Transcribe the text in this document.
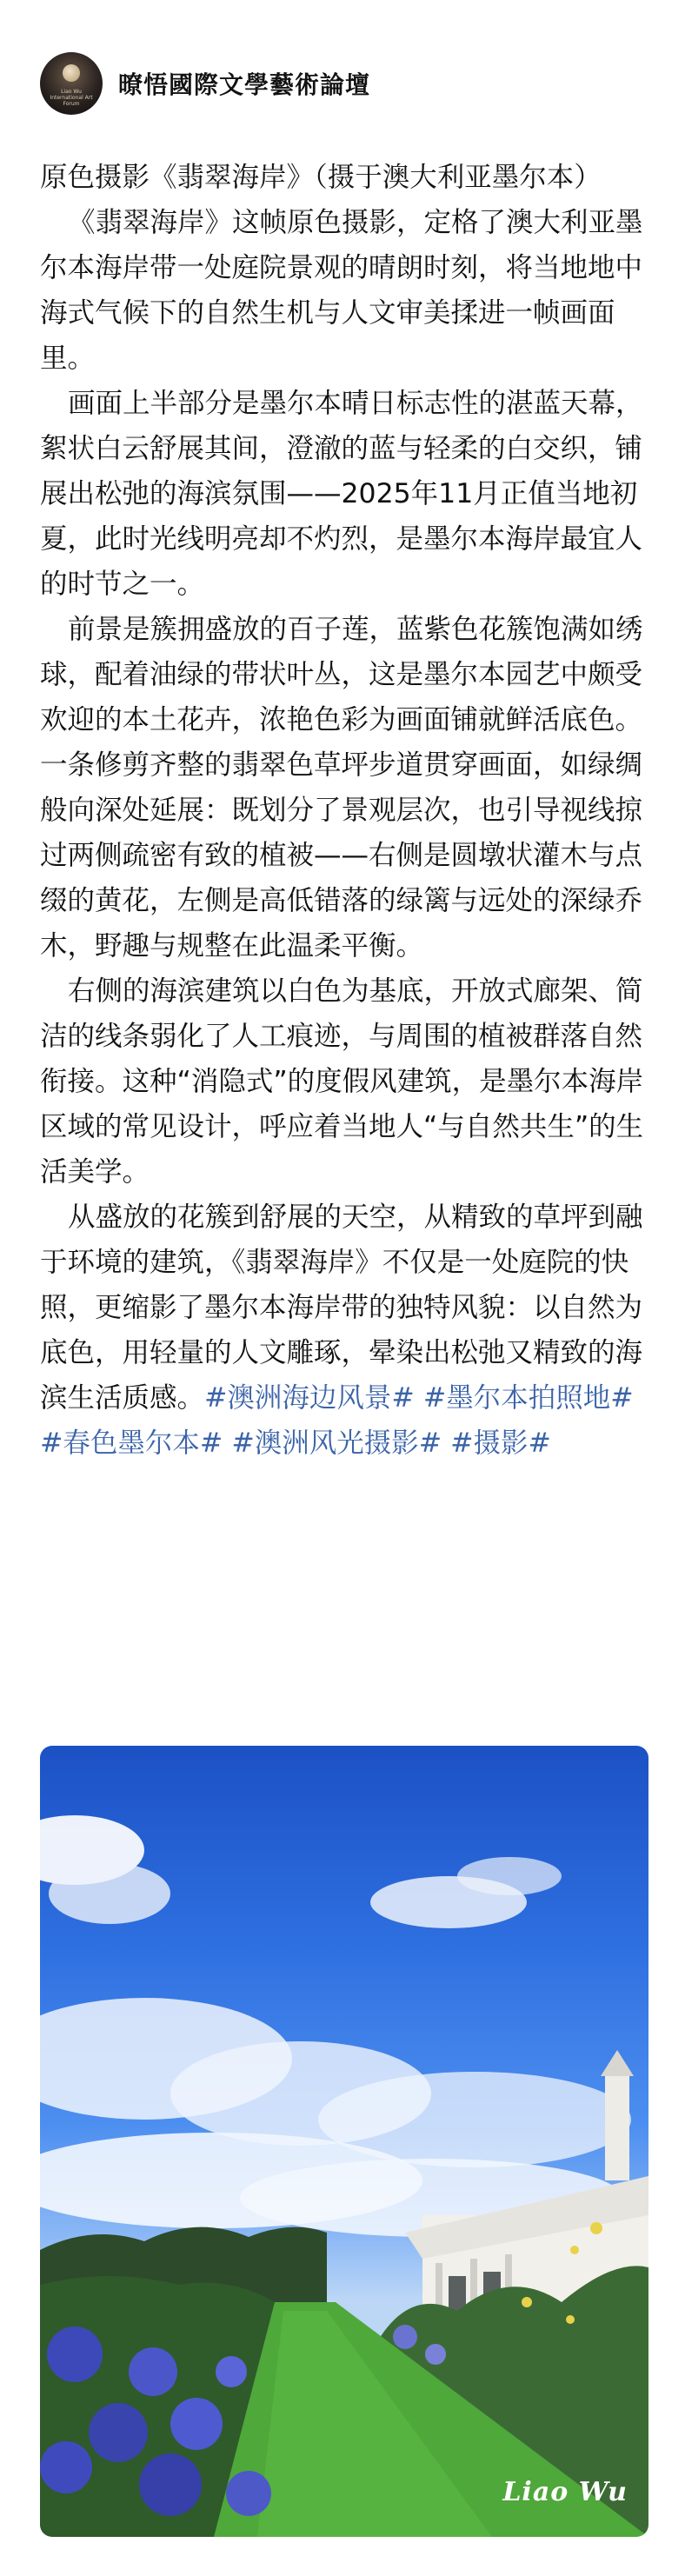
Liao Wu International Art Forum
暸悟國際文學藝術論壇

原色摄影《翡翠海岸》（摄于澳大利亚墨尔本）

《翡翠海岸》这帧原色摄影，定格了澳大利亚墨尔本海岸带一处庭院景观的晴朗时刻，将当地地中海式气候下的自然生机与人文审美揉进一帧画面里。

画面上半部分是墨尔本晴日标志性的湛蓝天幕，絮状白云舒展其间，澄澈的蓝与轻柔的白交织，铺展出松弛的海滨氛围——2025年11月正值当地初夏，此时光线明亮却不灼烈，是墨尔本海岸最宜人的时节之一。

前景是簇拥盛放的百子莲，蓝紫色花簇饱满如绣球，配着油绿的带状叶丛，这是墨尔本园艺中颇受欢迎的本土花卉，浓艳色彩为画面铺就鲜活底色。一条修剪齐整的翡翠色草坪步道贯穿画面，如绿绸般向深处延展：既划分了景观层次，也引导视线掠过两侧疏密有致的植被——右侧是圆墩状灌木与点缀的黄花，左侧是高低错落的绿篱与远处的深绿乔木，野趣与规整在此温柔平衡。

右侧的海滨建筑以白色为基底，开放式廊架、简洁的线条弱化了人工痕迹，与周围的植被群落自然衔接。这种“消隐式”的度假风建筑，是墨尔本海岸区域的常见设计，呼应着当地人“与自然共生”的生活美学。

从盛放的花簇到舒展的天空，从精致的草坪到融于环境的建筑，《翡翠海岸》不仅是一处庭院的快照，更缩影了墨尔本海岸带的独特风貌：以自然为底色，用轻量的人文雕琢，晕染出松弛又精致的海滨生活质感。#澳洲海边风景# #墨尔本拍照地# #春色墨尔本# #澳洲风光摄影# #摄影#

Liao Wu
